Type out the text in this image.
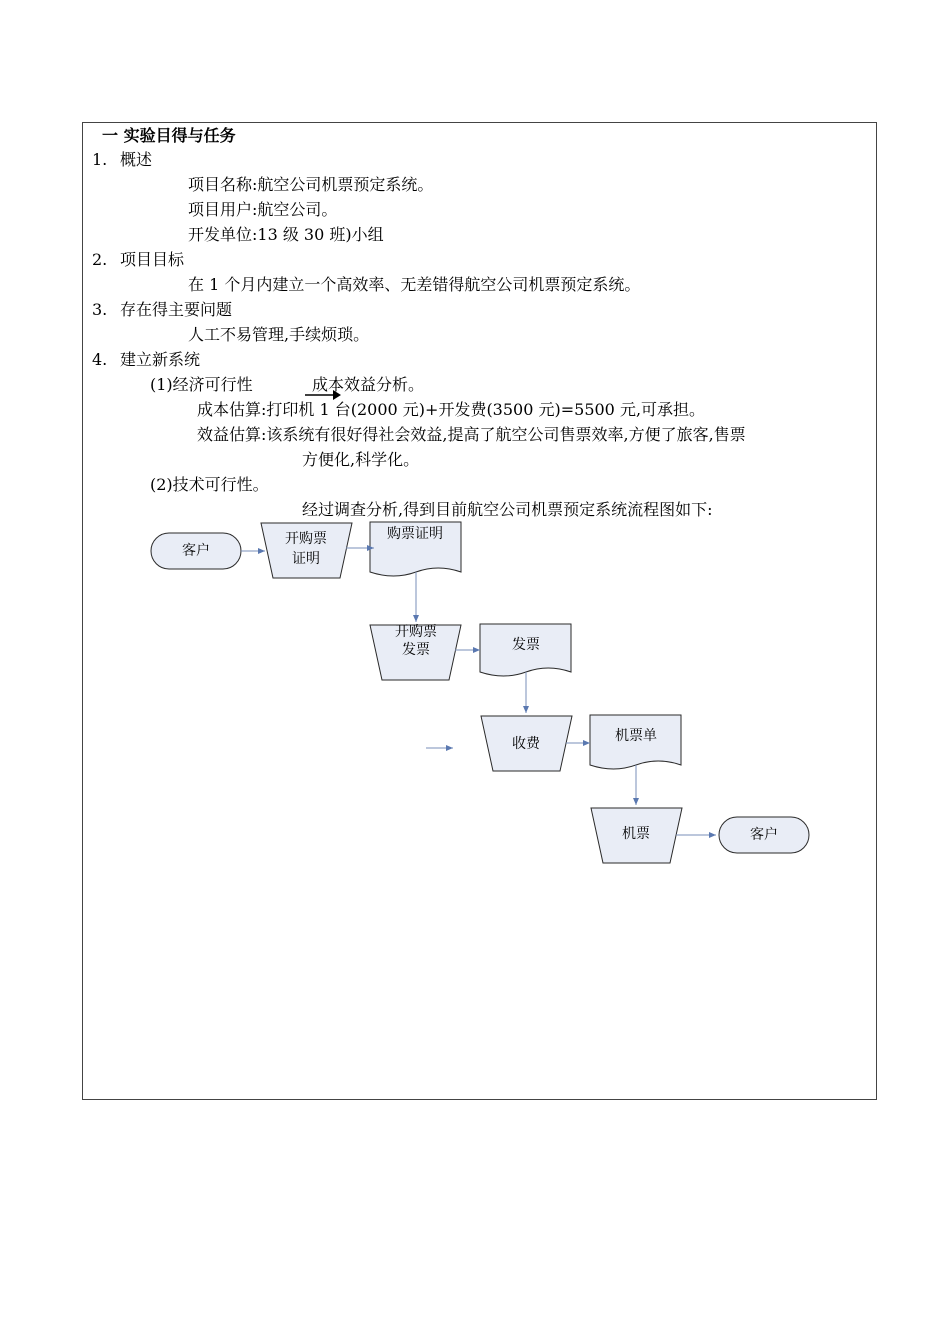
一 实验目得与任务
1. 概述
项目名称:航空公司机票预定系统。
项目用户:航空公司。
开发单位:13 级 30 班)小组
2. 项目目标
在 1 个月内建立一个高效率、无差错得航空公司机票预定系统。
3. 存在得主要问题
人工不易管理,手续烦琐。
4. 建立新系统
(1)经济可行性	成本效益分析。
成本估算:打印机 1 台(2000 元)+开发费(3500 元)=5500 元,可承担。
效益估算:该系统有很好得社会效益,提高了航空公司售票效率,方便了旅客,售票
方便化,科学化。
(2)技术可行性。
经过调查分析,得到目前航空公司机票预定系统流程图如下:
客户
开购票
证明
购票证明
开购票
发票	发票
收费	机票单
机票	客户
